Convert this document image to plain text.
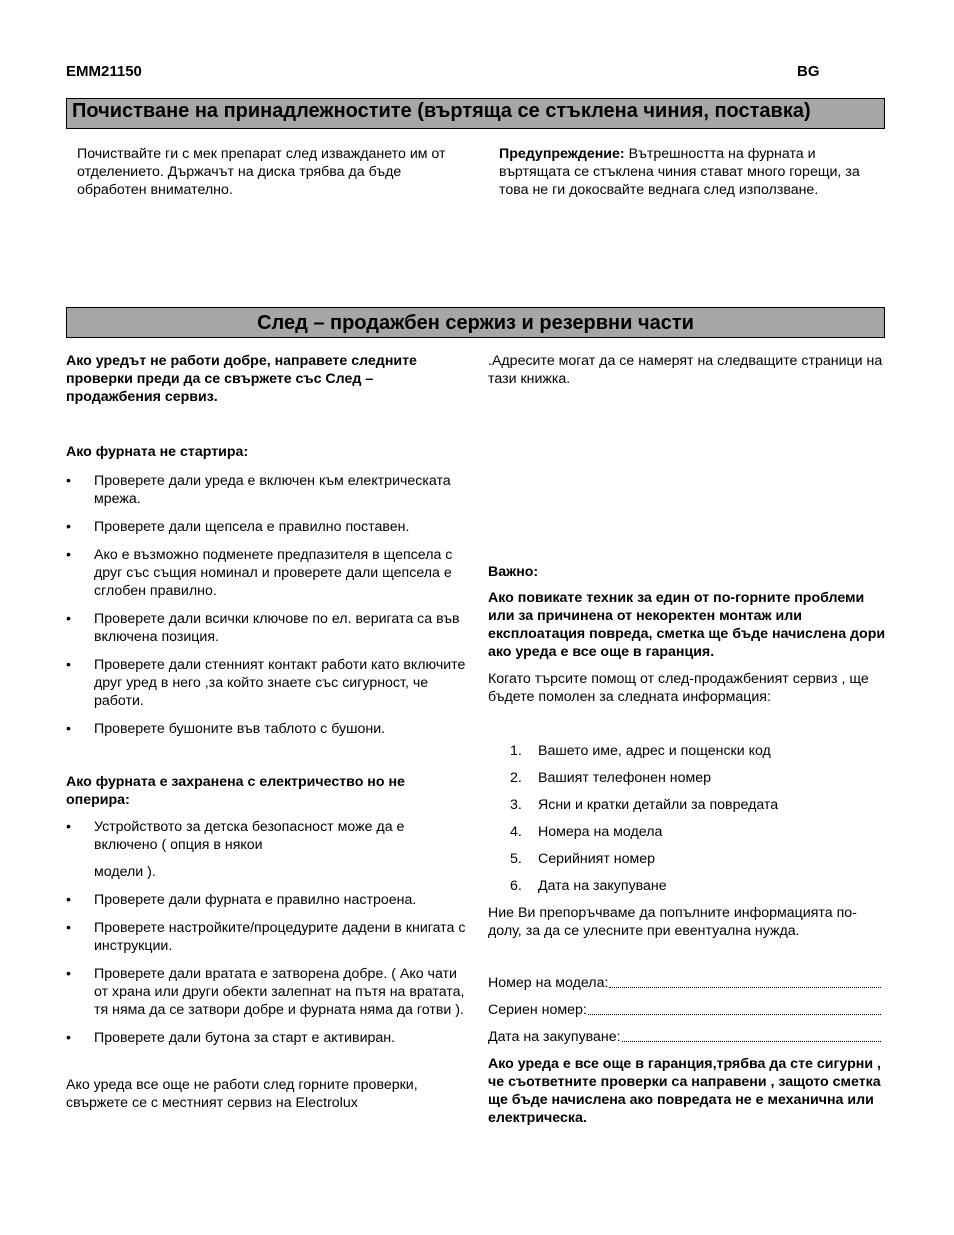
EMM21150	BG
Почистване на принадлежностите (въртяща се стъклена чиния, поставка)

Почиствайте ги с мек препарат след изваждането им от отделението. Държачът на диска трябва да бъде обработен внимателно.

Предупреждение: Вътрешността на фурната и въртящата се стъклена чиния стават много горещи, за това не ги докосвайте веднага след използване.

След – продажбен сержиз и резервни части

Ако уредът не работи добре, направете следните проверки преди да се свържете със След – продажбения сервиз.

Ако фурната не стартира:

• Проверете дали уреда е включен към електрическата мрежа.
• Проверете дали щепсела е правилно поставен.
• Ако е възможно подменете предпазителя в щепсела с друг със същия номинал и проверете дали щепсела е сглобен правилно.
• Проверете дали всички ключове по ел. веригата са във включена позиция.
• Проверете дали стенният контакт работи като включите друг уред в него ,за който знаете със сигурност, че работи.
• Проверете бушоните във таблото с бушони.

Ако фурната е захранена с електричество но не оперира:

• Устройството за детска безопасност може да е включено ( опция в някои
модели ).
• Проверете дали фурната е правилно настроена.
• Проверете настройките/процедурите дадени в книгата с инструкции.
• Проверете дали вратата е затворена добре. ( Ако чати от храна или други обекти залепнат на пътя на вратата, тя няма да се затвори добре и фурната няма да готви ).
• Проверете дали бутона за старт е активиран.

Ако уреда все още не работи след горните проверки, свържете се с местният сервиз на Electrolux

.Адресите могат да се намерят на следващите страници на тази книжка.

Важно:

Ако повикате техник за един от по-горните проблеми или за причинена от некоректен монтаж или експлоатация повреда, сметка ще бъде начислена дори ако уреда е все още в гаранция.

Когато търсите помощ от след-продажбеният сервиз , ще бъдете помолен за следната информация:

1. Вашето име, адрес и пощенски код
2. Вашият телефонен номер
3. Ясни и кратки детайли за повредата
4. Номера на модела
5. Серийният номер
6. Дата на закупуване

Ние Ви препоръчваме да попълните информацията по-долу, за да се улесните при евентуална нужда.

Номер на модела:
Сериен номер:
Дата на закупуване:

Ако уреда е все още в гаранция,трябва да сте сигурни , че съответните проверки са направени , защото сметка ще бъде начислена ако повредата не е механична или електрическа.
